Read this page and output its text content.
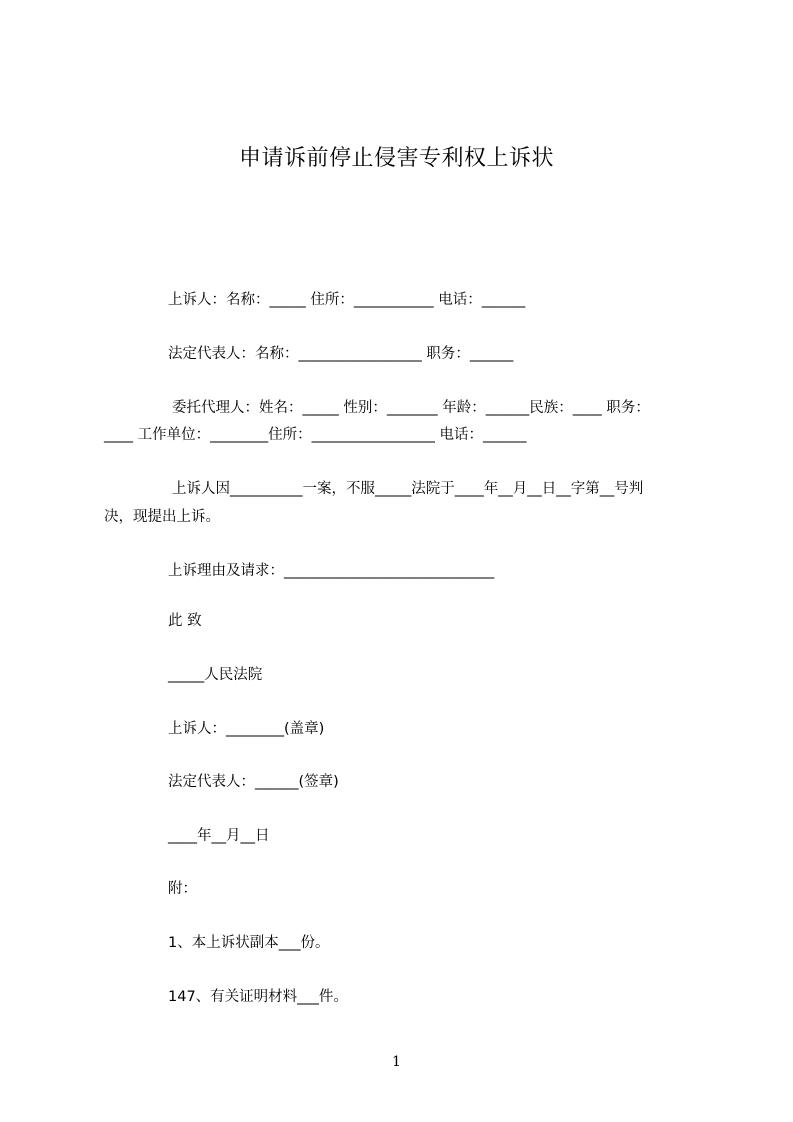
申请诉前停止侵害专利权上诉状
上诉人：名称：_____ 住所：___________ 电话：______
法定代表人：名称：_________________ 职务：______
委托代理人：姓名：_____ 性别：_______ 年龄：______民族：____ 职务：
____ 工作单位：________住所：_________________ 电话：______
上诉人因__________一案，不服_____法院于____年__月__日__字第__号判
决，现提出上诉。
上诉理由及请求：_____________________________
此 致
_____人民法院
上诉人：________(盖章)
法定代表人：______(签章)
____年__月__日
附：
1、本上诉状副本___份。
147、有关证明材料___件。
1
